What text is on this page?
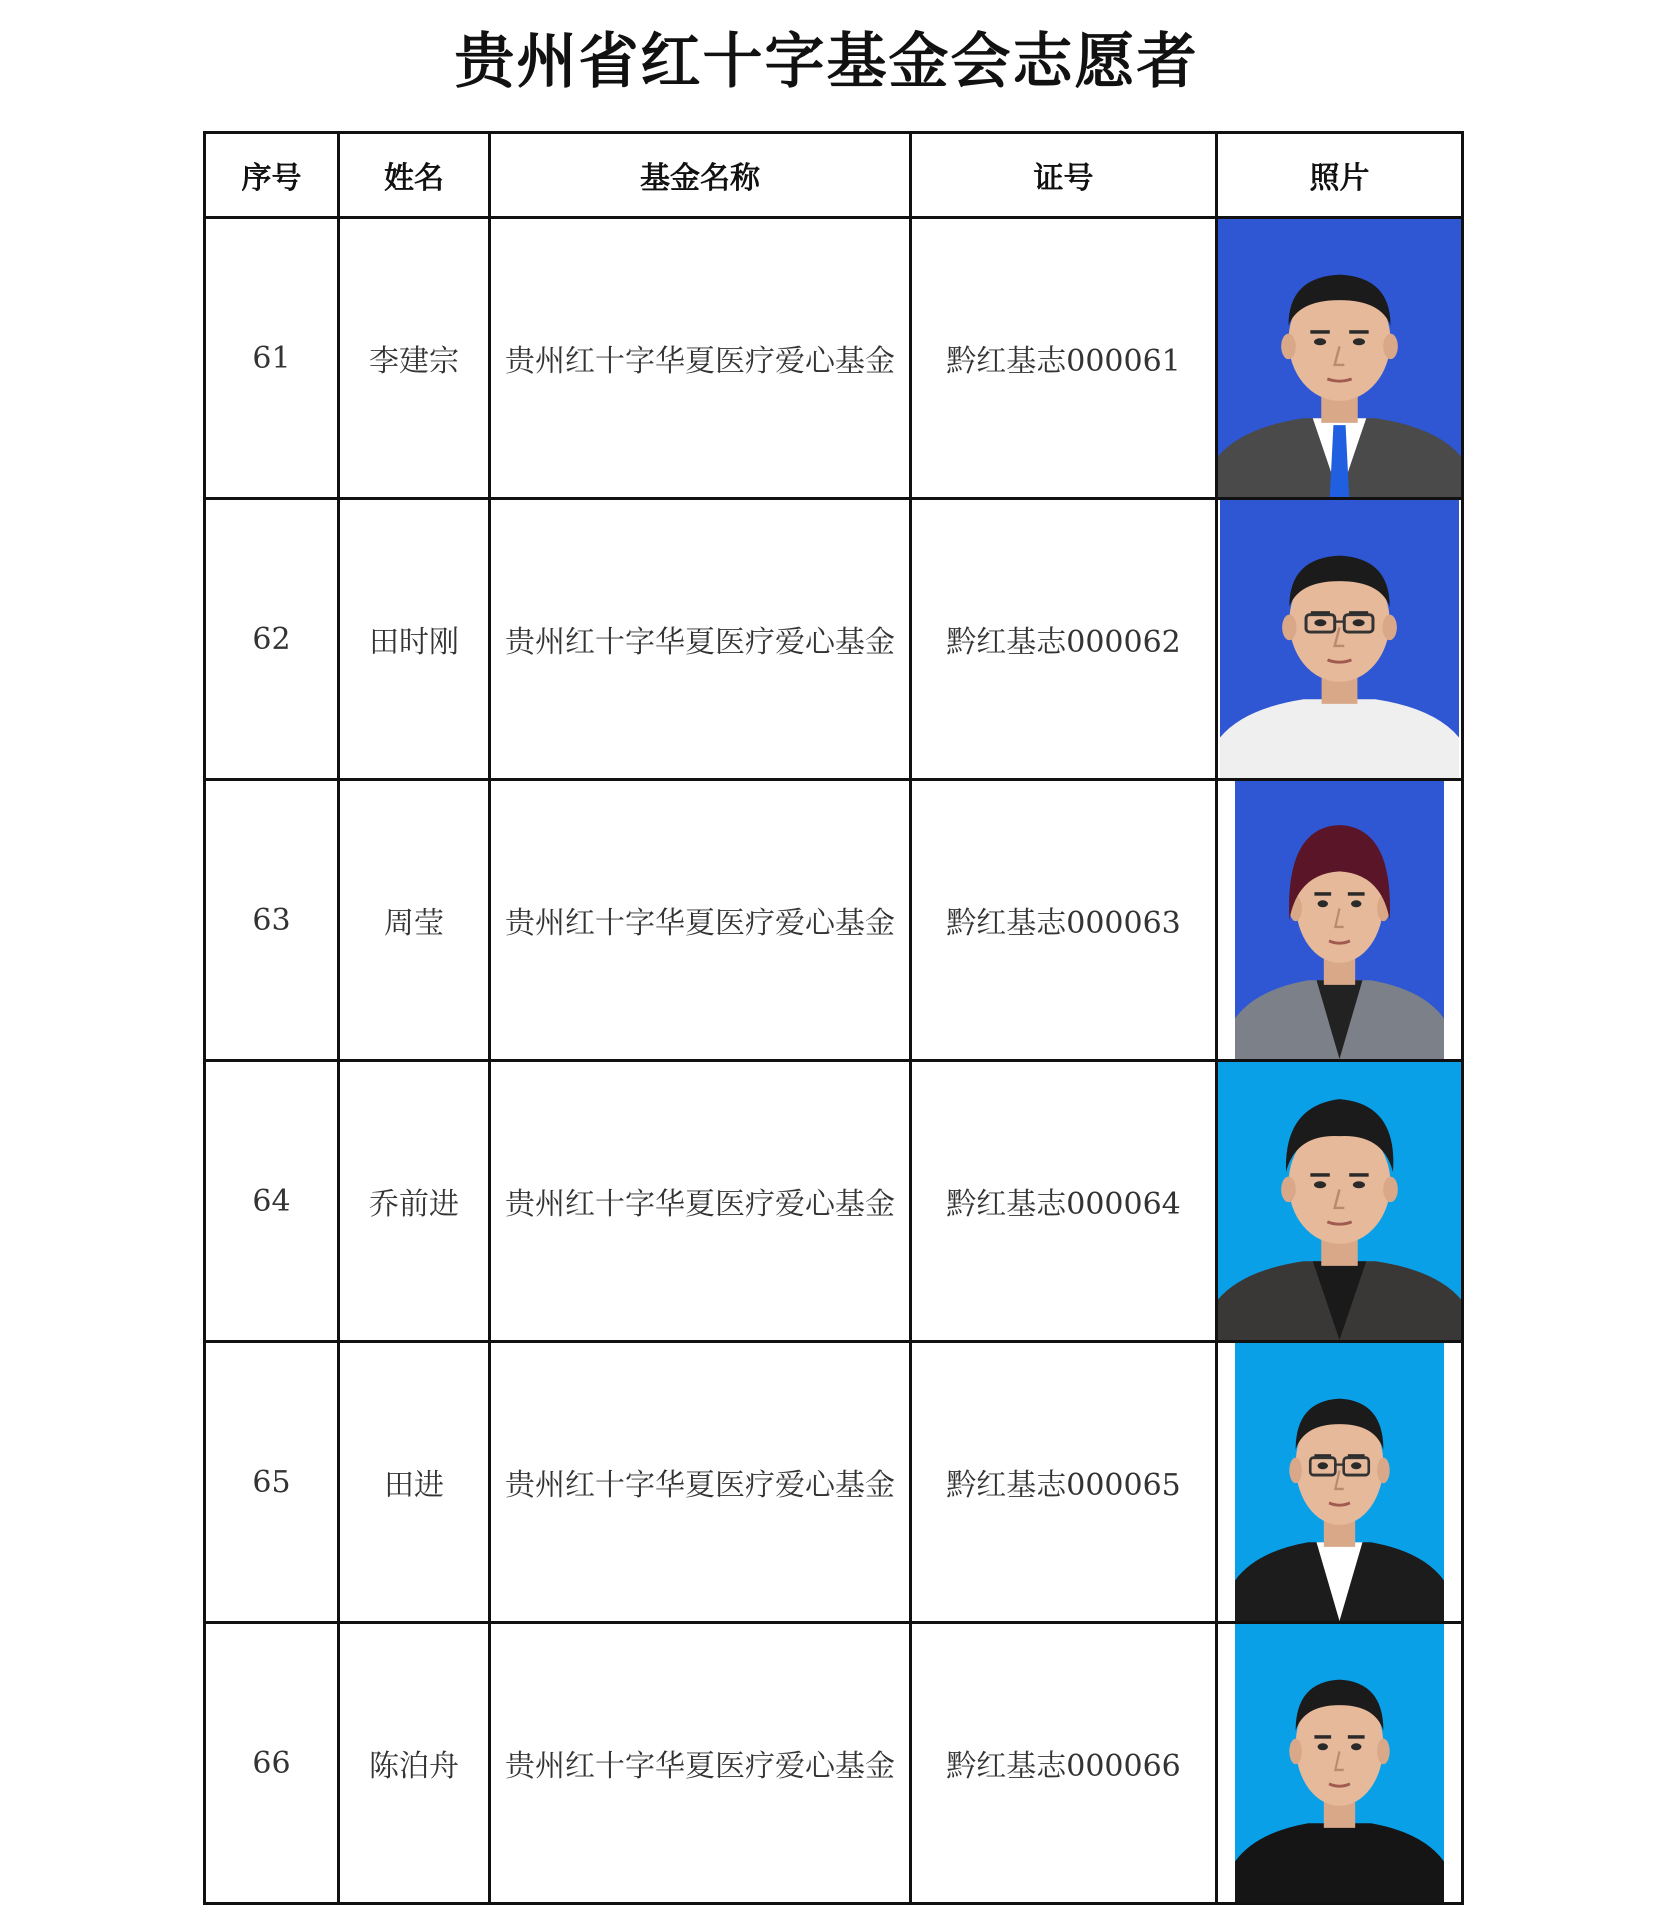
贵州省红十字基金会志愿者
序号	姓名	基金名称	证号	照片
61	李建宗	贵州红十字华夏医疗爱心基金	黔红基志000061	

62	田时刚	贵州红十字华夏医疗爱心基金	黔红基志000062	

63	周莹	贵州红十字华夏医疗爱心基金	黔红基志000063	

64	乔前进	贵州红十字华夏医疗爱心基金	黔红基志000064	

65	田进	贵州红十字华夏医疗爱心基金	黔红基志000065	

66	陈泊舟	贵州红十字华夏医疗爱心基金	黔红基志000066	
